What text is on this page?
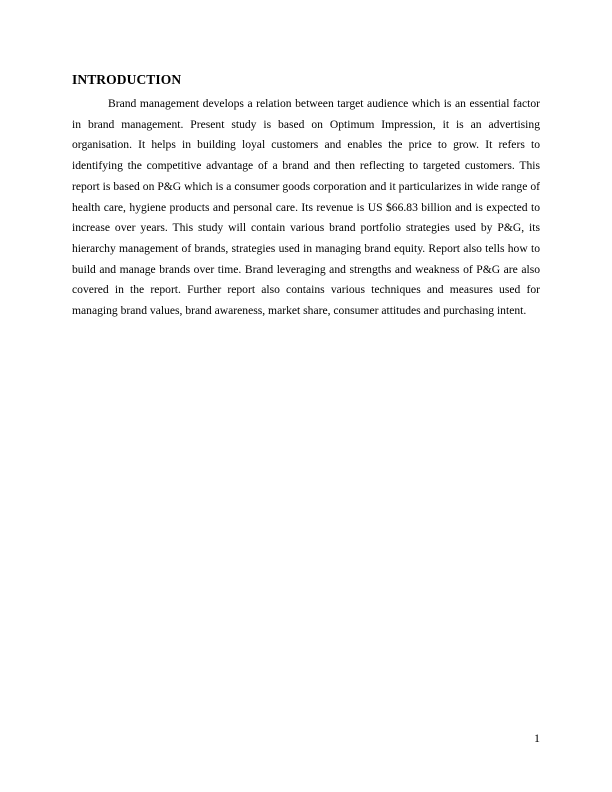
INTRODUCTION

Brand management develops a relation between target audience which is an essential factor in brand management. Present study is based on Optimum Impression, it is an advertising organisation. It helps in building loyal customers and enables the price to grow. It refers to identifying the competitive advantage of a brand and then reflecting to targeted customers. This report is based on P&G which is a consumer goods corporation and it particularizes in wide range of health care, hygiene products and personal care. Its revenue is US $66.83 billion and is expected to increase over years. This study will contain various brand portfolio strategies used by P&G, its hierarchy management of brands, strategies used in managing brand equity. Report also tells how to build and manage brands over time. Brand leveraging and strengths and weakness of P&G are also covered in the report. Further report also contains various techniques and measures used for managing brand values, brand awareness, market share, consumer attitudes and purchasing intent.

1
